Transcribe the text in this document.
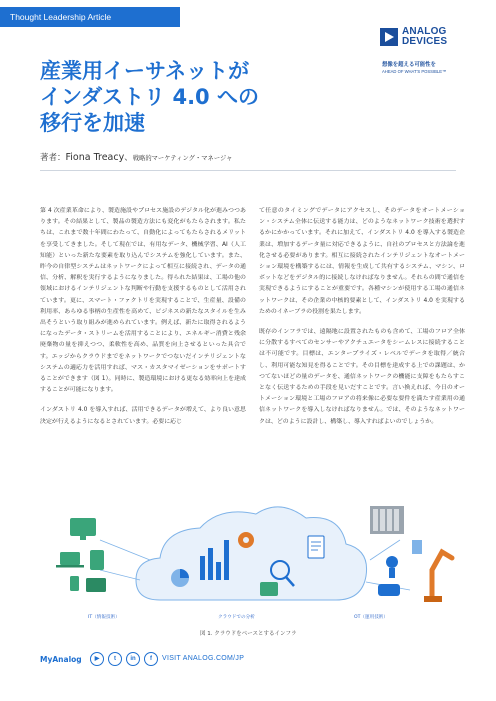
Thought Leadership Article
ANALOG
DEVICES
想像を超える可能性を
AHEAD OF WHAT'S POSSIBLE™
産業用イーサネットが
インダストリ 4.0 への
移行を加速
著者：Fiona Treacy、戦略的マーケティング・マネージャ

第 4 次産業革命により、製造施設やプロセス施設のデジタル化が進みつつあります。その結果として、製品の製造方法にも変化がもたらされます。私たちは、これまで数十年間にわたって、自動化によってもたらされるメリットを享受してきました。そして現在では、有用なデータ、機械学習、AI（人工知能）といった新たな要素を取り込んでシステムを強化しています。また、昨今の自律型システムはネットワークによって相互に接続され、データの通信、分析、解釈を実行するようになりました。得られた結果は、工場の他の領域におけるインテリジェントな判断や行動を支援するものとして活用されています。更に、スマート・ファクトリを実現することで、生産量、設備の利用率、あらゆる事柄の生産性を高めて、ビジネスの新たなスタイルを生み出そうという取り組みが進められています。例えば、新たに取得されるようになったデータ・ストリームを活用することにより、エネルギー消費と残余廃棄物の量を抑えつつ、柔軟性を高め、品質を向上させるといった具合です。エッジからクラウドまでをネットワークでつないだインテリジェントなシステムの適応力を活用すれば、マス・カスタマイゼーションをサポートすることができます（図 1）。同時に、製造環境における更なる効率向上を達成することが可能になります。

インダストリ 4.0 を導入すれば、活用できるデータが増えて、より良い意思決定が行えるようになるとされています。必要に応じ

て任意のタイミングでデータにアクセスし、そのデータをオートメーション・システム全体に伝送する能力は、どのようなネットワーク技術を選択するかにかかっています。それに加えて、インダストリ 4.0 を導入する製造企業は、増加するデータ量に対応できるように、自社のプロセスと方法論を進化させる必要があります。相互に接続されたインテリジェントなオートメーション環境を構築するには、情報を生成して共有するシステム、マシン、ロボットなどをデジタル的に接続しなければなりません。それらの間で通信を実現できるようにすることが重要です。各種マシンが使用する工場の通信ネットワークは、その企業の中核的要素として、インダストリ 4.0 を実現するためのイネーブラの役割を果たします。

既存のインフラでは、遠隔地に設置されたものも含めて、工場のフロア全体に分散するすべてのセンサーやアクチュエータをシームレスに接続することは不可能です。目標は、エンタープライズ・レベルでデータを取得／統合し、利用可能な知見を得ることです。その目標を達成する上での課題は、かつてないほどの量のデータを、通信ネットワークの機能に支障をもたらすことなく伝送するための手段を見いだすことです。言い換えれば、今日のオートメーション環境と工場のフロアの将来像に必要な要件を満たす産業用の通信ネットワークを導入しなければなりません。では、そのようなネットワークは、どのように設計し、構築し、導入すればよいのでしょうか。

IT（情報技術）	クラウドでの分析	OT（運用技術）
図 1. クラウドをベースとするインフラ
MyAnalog	▶	t	in	f	VISIT ANALOG.COM/JP
